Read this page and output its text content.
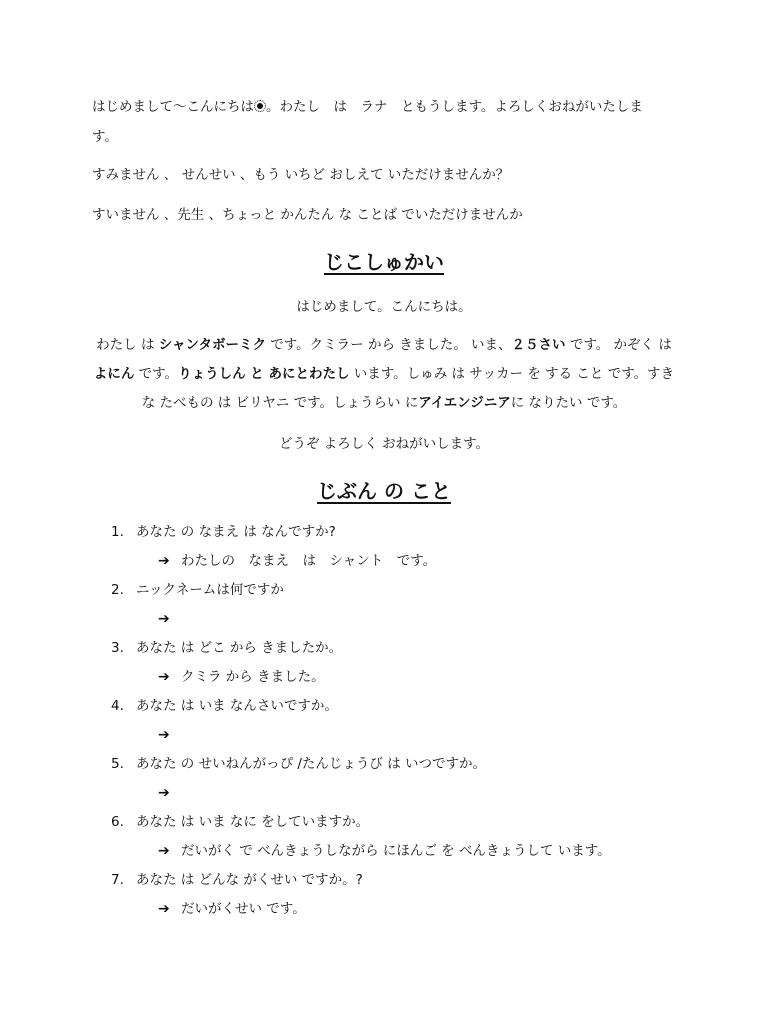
はじめまして〜こんにちは 。わたし　は　ラナ　ともうします。よろしくおねがいたしま
す。

すみません 、 せんせい 、もう いちど おしえて いただけませんか？

すいません 、先生 、ちょっと かんたん な ことば でいただけませんか

じこしゅかい

はじめまして。こんにちは。

わたし は シャンタボーミク です。クミラー から きました。 いま、２５さい です。 かぞく は よにん です。りょうしん と あにとわたし います。しゅみ は サッカー を する こと です。すき な たべもの は ビリヤニ です。しょうらい にアイエンジニアに なりたい です。

どうぞ よろしく おねがいします。

じぶん の こと
1. あなた の なまえ は なんですか?
➔ わたしの　なまえ　は　シャント　です。
2. ニックネームは何ですか
➔
3. あなた は どこ から きましたか。
➔ クミラ から きました。
4. あなた は いま なんさいですか。
➔
5. あなた の せいねんがっぴ /たんじょうび は いつですか。
➔
6. あなた は いま なに をしていますか。
➔ だいがく で べんきょうしながら にほんご を べんきょうして います。
7. あなた は どんな がくせい ですか。?
➔ だいがくせい です。
